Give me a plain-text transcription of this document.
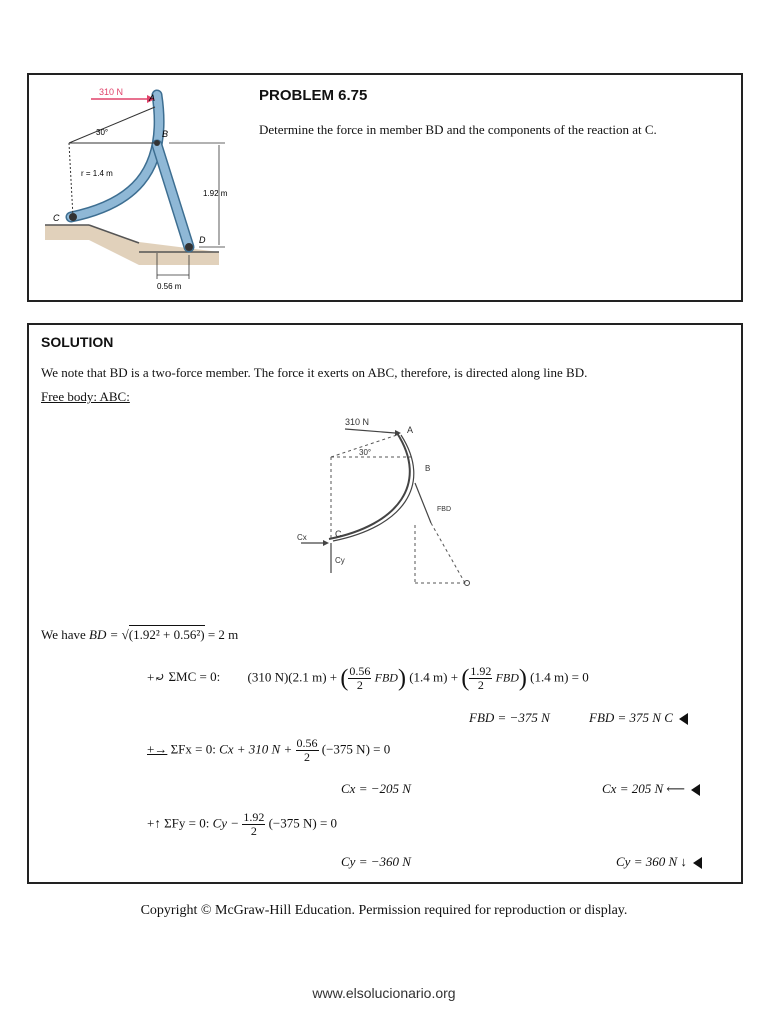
310 N
A
B
C
D
30°
r = 1.4 m
1.92 m
0.56 m
PROBLEM 6.75
Determine the force in member BD and the components of the reaction at C.
SOLUTION
We note that BD is a two-force member. The force it exerts on ABC, therefore, is directed along line BD.
Free body: ABC:
310 N
A
B
C
30°
Cx
Cy
FBD
We have BD = √(1.92² + 0.56²) = 2 m
+⤾ ΣMC = 0: (310 N)(2.1 m) + ( $\frac{0.56}{2} FBD$) (1.4 m) + ( $\frac{1.92}{2} FBD$) (1.4 m) = 0
FBD = −375 N	FBD = 375 N C
+→ ΣFx = 0: Cx + 310 $N + \frac{0.56}{2} (-375$ N) = 0
Cx = −205 N	Cx = 205 N ⟵
+↑ ΣFy = 0: $Cy - \frac{1.92}{2} (-375$ N) = 0
Cy = −360 N	Cy = 360 N ↓
Copyright © McGraw-Hill Education. Permission required for reproduction or display.
www.elsolucionario.org
